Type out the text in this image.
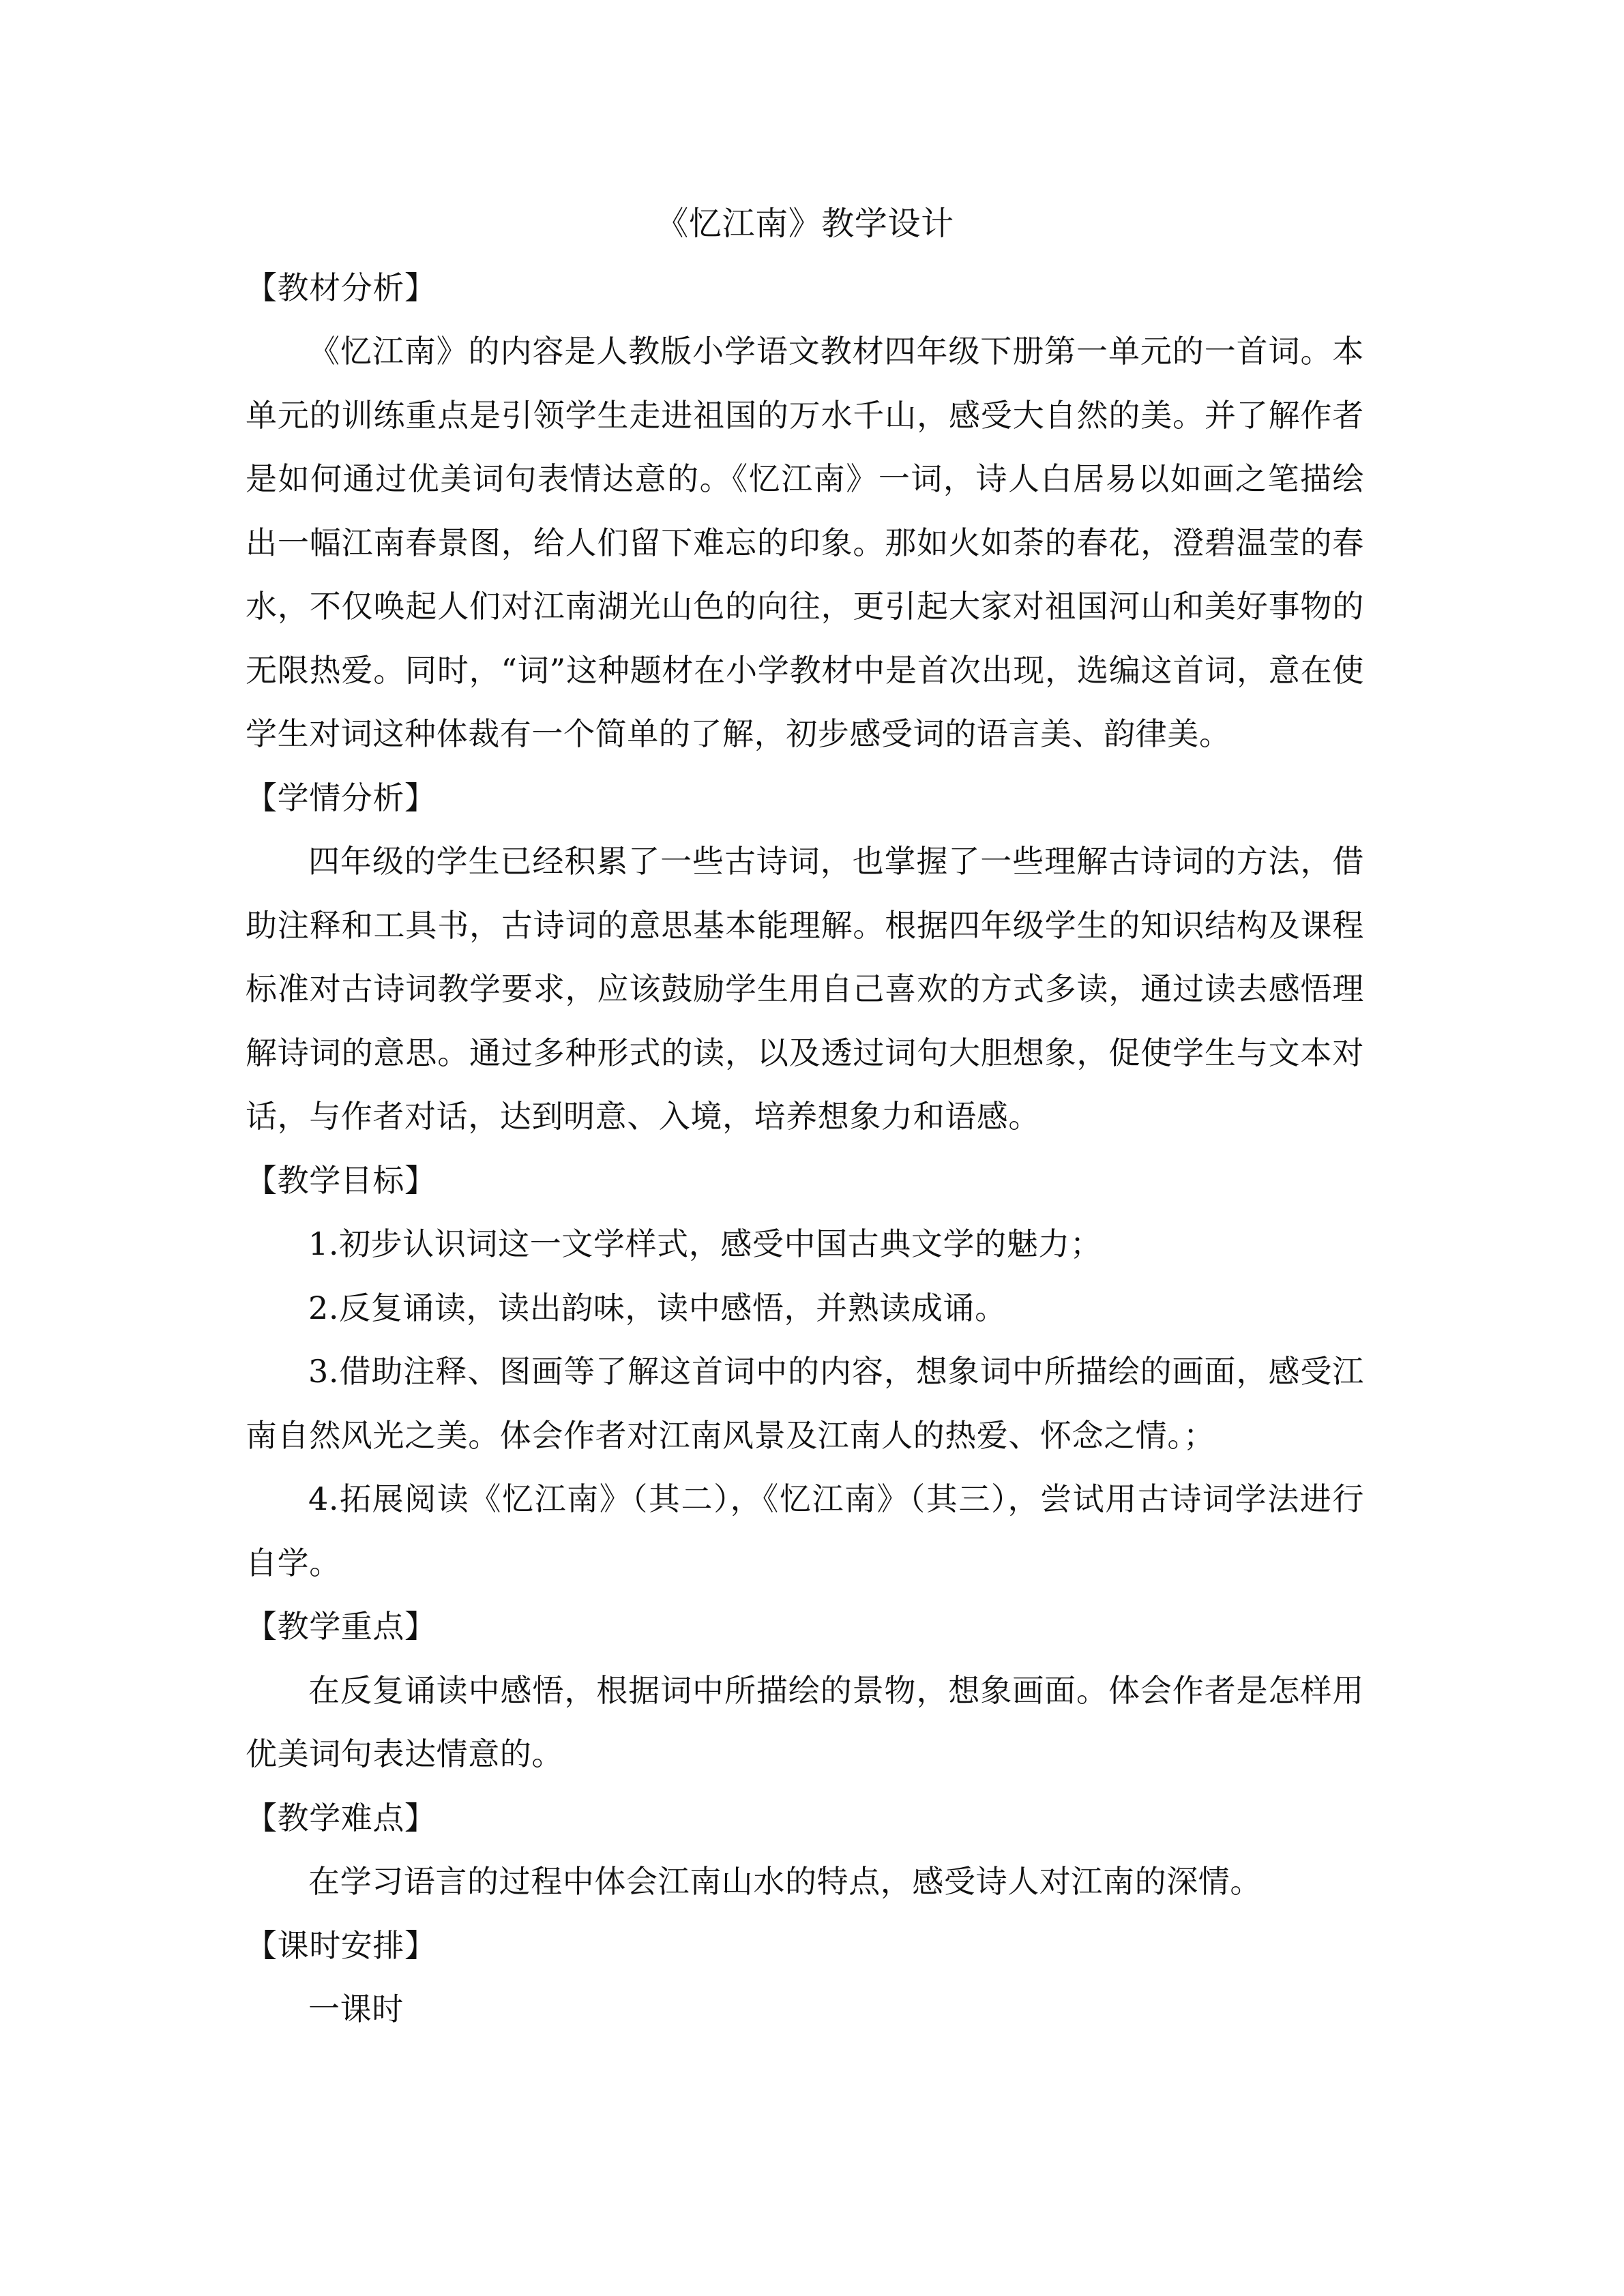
《忆江南》教学设计
【教材分析】

《忆江南》的内容是人教版小学语文教材四年级下册第一单元的一首词。本单元的训练重点是引领学生走进祖国的万水千山，感受大自然的美。并了解作者是如何通过优美词句表情达意的。《忆江南》一词，诗人白居易以如画之笔描绘出一幅江南春景图，给人们留下难忘的印象。那如火如荼的春花，澄碧温莹的春水，不仅唤起人们对江南湖光山色的向往，更引起大家对祖国河山和美好事物的无限热爱。同时，“词”这种题材在小学教材中是首次出现，选编这首词，意在使学生对词这种体裁有一个简单的了解，初步感受词的语言美、韵律美。

【学情分析】

四年级的学生已经积累了一些古诗词，也掌握了一些理解古诗词的方法，借助注释和工具书，古诗词的意思基本能理解。根据四年级学生的知识结构及课程标准对古诗词教学要求，应该鼓励学生用自己喜欢的方式多读，通过读去感悟理解诗词的意思。通过多种形式的读，以及透过词句大胆想象，促使学生与文本对话，与作者对话，达到明意、入境，培养想象力和语感。

【教学目标】

1.初步认识词这一文学样式，感受中国古典文学的魅力；

2.反复诵读，读出韵味，读中感悟，并熟读成诵。

3.借助注释、图画等了解这首词中的内容，想象词中所描绘的画面，感受江南自然风光之美。体会作者对江南风景及江南人的热爱、怀念之情。；

4.拓展阅读《忆江南》（其二），《忆江南》（其三），尝试用古诗词学法进行自学。

【教学重点】

在反复诵读中感悟，根据词中所描绘的景物，想象画面。体会作者是怎样用优美词句表达情意的。

【教学难点】

在学习语言的过程中体会江南山水的特点，感受诗人对江南的深情。

【课时安排】

一课时
